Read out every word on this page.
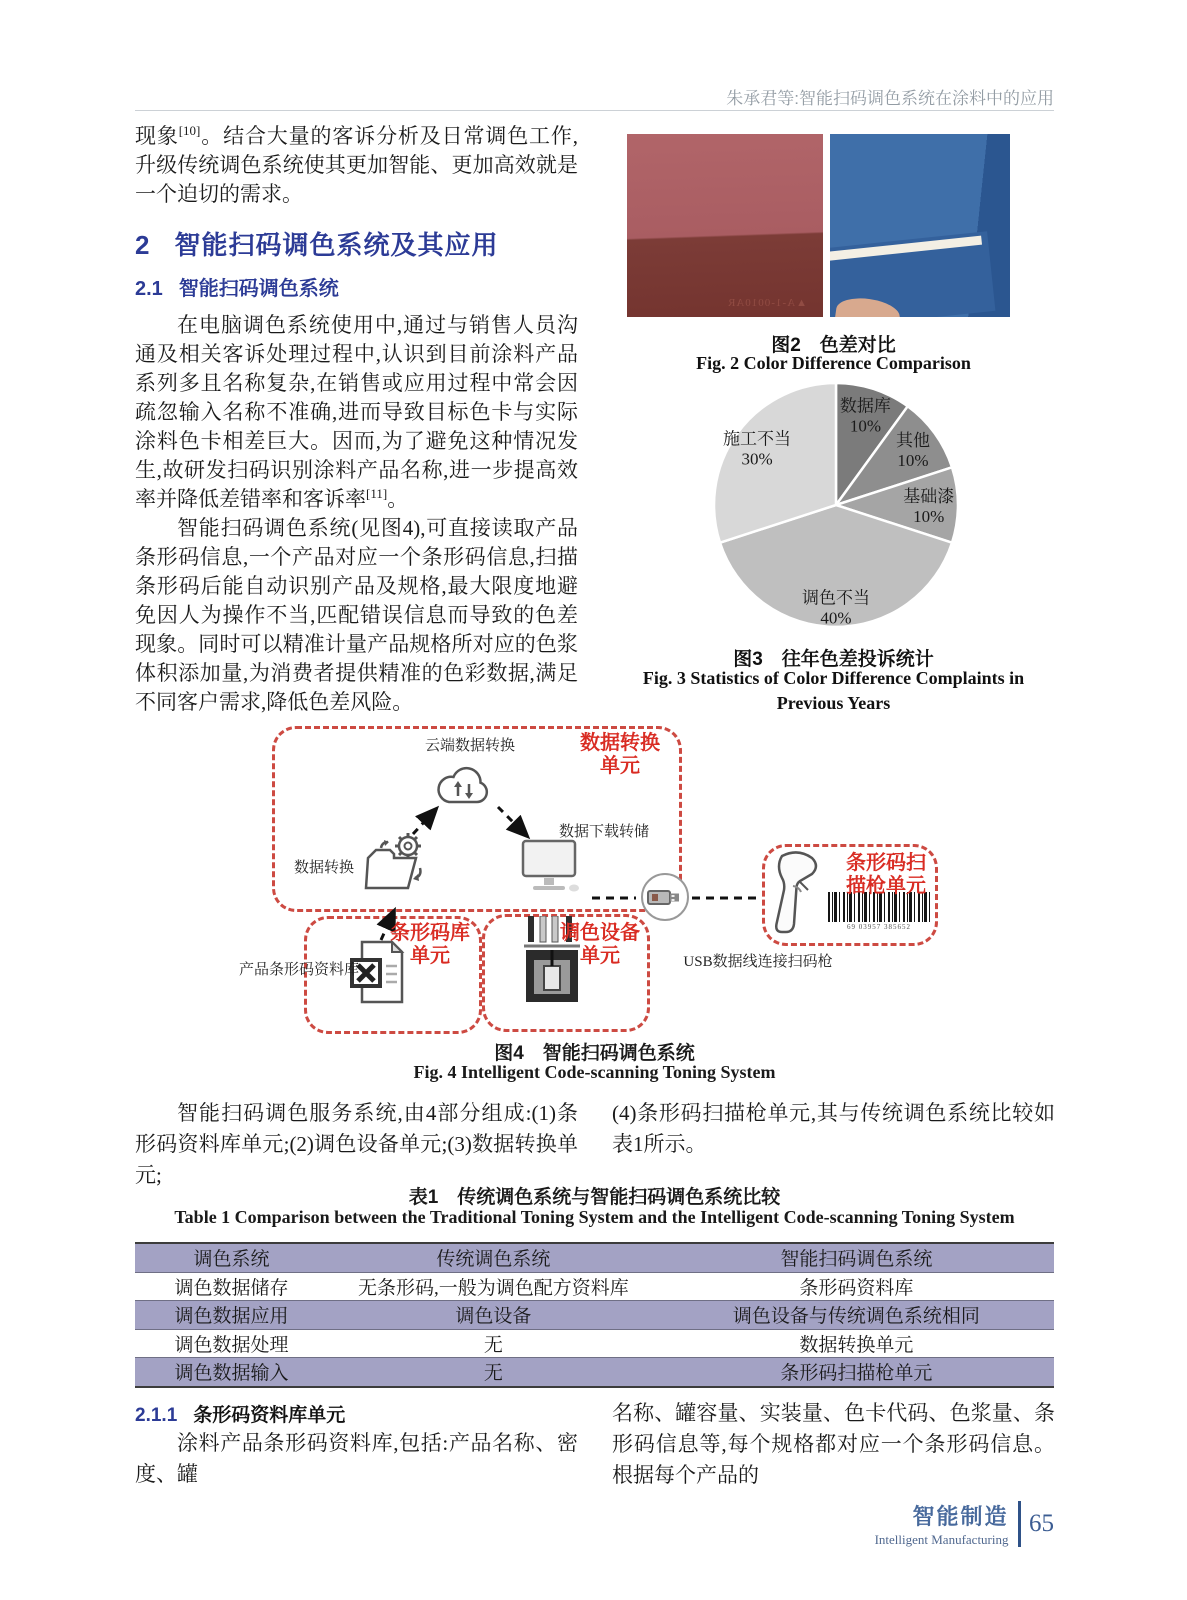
朱承君等:智能扫码调色系统在涂料中的应用

现象[10]。结合大量的客诉分析及日常调色工作,升级传统调色系统使其更加智能、更加高效就是一个迫切的需求。

2 智能扫码调色系统及其应用
2.1 智能扫码调色系统

在电脑调色系统使用中,通过与销售人员沟通及相关客诉处理过程中,认识到目前涂料产品系列多且名称复杂,在销售或应用过程中常会因疏忽输入名称不准确,进而导致目标色卡与实际涂料色卡相差巨大。因而,为了避免这种情况发生,故研发扫码识别涂料产品名称,进一步提高效率并降低差错率和客诉率[11]。

智能扫码调色系统(见图4),可直接读取产品条形码信息,一个产品对应一个条形码信息,扫描条形码后能自动识别产品及规格,最大限度地避免因人为操作不当,匹配错误信息而导致的色差现象。同时可以精准计量产品规格所对应的色浆体积添加量,为消费者提供精准的色彩数据,满足不同客户需求,降低色差风险。

▲A-1-0010AR
图2　色差对比
Fig. 2 Color Difference Comparison
数据库 10%
其他 10%
基础漆 10%
调色不当 40%
施工不当 30%
图3　往年色差投诉统计
Fig. 3 Statistics of Color Difference Complaints in
Previous Years
69 03957 385652
云端数据转换
数据转换
数据下载转储
产品条形码资料库	USB数据线连接扫码枪
数据转换
单元
条形码库
单元
调色设备
单元
条形码扫
描枪单元
图4　智能扫码调色系统
Fig. 4 Intelligent Code-scanning Toning System

智能扫码调色服务系统,由4部分组成:(1)条形码资料库单元;(2)调色设备单元;(3)数据转换单元;

(4)条形码扫描枪单元,其与传统调色系统比较如表1所示。

表1　传统调色系统与智能扫码调色系统比较
Table 1 Comparison between the Traditional Toning System and the Intelligent Code-scanning Toning System
调色系统	传统调色系统	智能扫码调色系统
调色数据储存	无条形码,一般为调色配方资料库	条形码资料库
调色数据应用	调色设备	调色设备与传统调色系统相同
调色数据处理	无	数据转换单元
调色数据输入	无	条形码扫描枪单元
2.1.1 条形码资料库单元

涂料产品条形码资料库,包括:产品名称、密度、罐

名称、罐容量、实装量、色卡代码、色浆量、条形码信息等,每个规格都对应一个条形码信息。根据每个产品的

智能制造
Intelligent Manufacturing
65
